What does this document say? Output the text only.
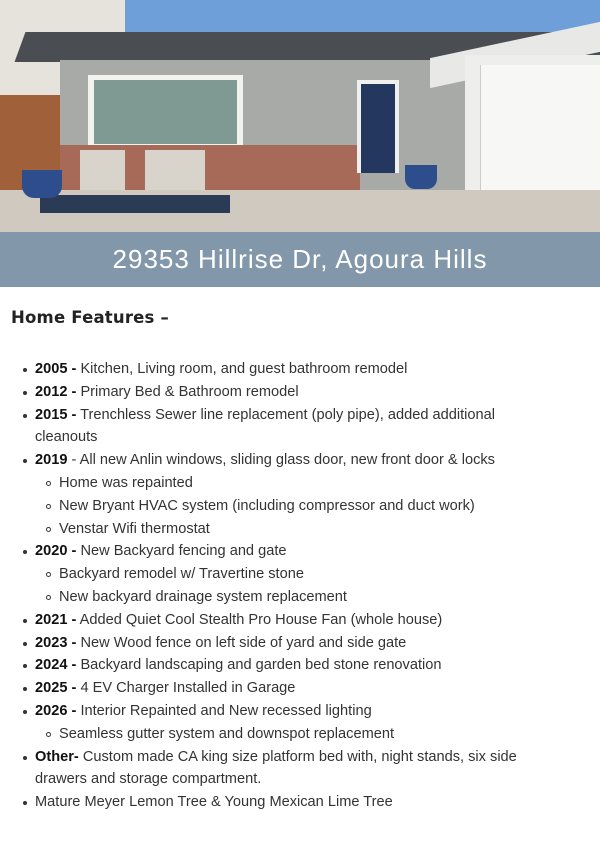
29353 Hillrise Dr, Agoura Hills
Home Features –
2005 - Kitchen, Living room, and guest bathroom remodel
2012 - Primary Bed & Bathroom remodel
2015 - Trenchless Sewer line replacement (poly pipe), added additional cleanouts
2019 - All new Anlin windows, sliding glass door, new front door & locks
Home was repainted
New Bryant HVAC system (including compressor and duct work)
Venstar Wifi thermostat
2020 - New Backyard fencing and gate
Backyard remodel w/ Travertine stone
New backyard drainage system replacement
2021 - Added Quiet Cool Stealth Pro House Fan (whole house)
2023 - New Wood fence on left side of yard and side gate
2024 - Backyard landscaping and garden bed stone renovation
2025 - 4 EV Charger Installed in Garage
2026 - Interior Repainted and New recessed lighting
Seamless gutter system and downspot replacement
Other- Custom made CA king size platform bed with, night stands, six side drawers and storage compartment.
Mature Meyer Lemon Tree & Young Mexican Lime Tree
